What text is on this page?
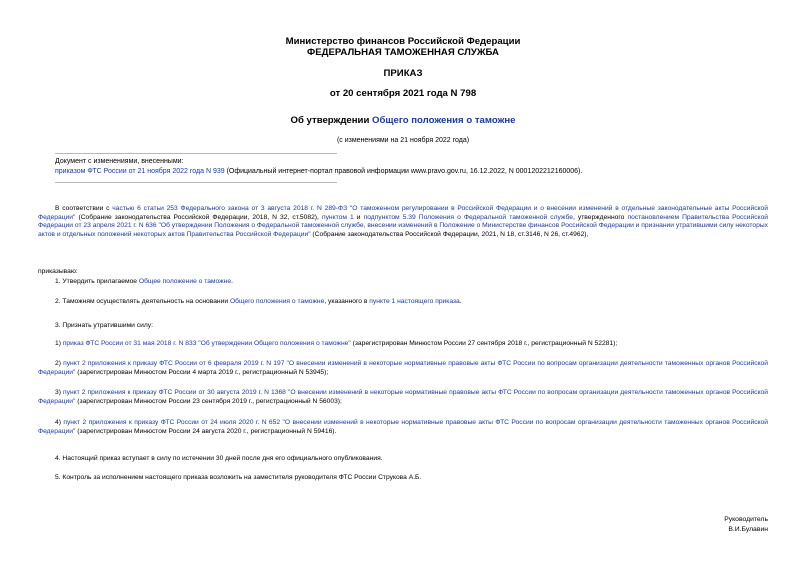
Министерство финансов Российской Федерации

ФЕДЕРАЛЬНАЯ ТАМОЖЕННАЯ СЛУЖБА

ПРИКАЗ

от 20 сентября 2021 года N 798

Об утверждении Общего положения о таможне

(с изменениями на 21 ноября 2022 года)
Документ с изменениями, внесенными:
приказом ФТС России от 21 ноября 2022 года N 939 (Официальный интернет-портал правовой информации www.pravo.gov.ru, 16.12.2022, N 0001202212160006).
В соответствии с частью 6 статьи 253 Федерального закона от 3 августа 2018 г. N 289-ФЗ "О таможенном регулировании в Российской Федерации и о внесении изменений в отдельные законодательные акты Российской Федерации" (Собрание законодательства Российской Федерации, 2018, N 32, ст.5082), пунктом 1 и подпунктом 5.39 Положения о Федеральной таможенной службе, утвержденного постановлением Правительства Российской Федерации от 23 апреля 2021 г. N 636 "Об утверждении Положения о Федеральной таможенной службе, внесении изменений в Положение о Министерстве финансов Российской Федерации и признании утратившими силу некоторых актов и отдельных положений некоторых актов Правительства Российской Федерации" (Собрание законодательства Российской Федерации, 2021, N 18, ст.3146, N 26, ст.4962),
приказываю:
1. Утвердить прилагаемое Общее положение о таможне.
2. Таможням осуществлять деятельность на основании Общего положения о таможне, указанного в пункте 1 настоящего приказа.
3. Признать утратившими силу:
1) приказ ФТС России от 31 мая 2018 г. N 833 "Об утверждении Общего положения о таможне" (зарегистрирован Минюстом России 27 сентября 2018 г., регистрационный N 52281);
2) пункт 2 приложения к приказу ФТС России от 6 февраля 2019 г. N 197 "О внесении изменений в некоторые нормативные правовые акты ФТС России по вопросам организации деятельности таможенных органов Российской Федерации" (зарегистрирован Минюстом России 4 марта 2019 г., регистрационный N 53945);
3) пункт 2 приложения к приказу ФТС России от 30 августа 2019 г. N 1368 "О внесении изменений в некоторые нормативные правовые акты ФТС России по вопросам организации деятельности таможенных органов Российской Федерации" (зарегистрирован Минюстом России 23 сентября 2019 г., регистрационный N 56003);
4) пункт 2 приложения к приказу ФТС России от 24 июля 2020 г. N 652 "О внесении изменений в некоторые нормативные правовые акты ФТС России по вопросам организации деятельности таможенных органов Российской Федерации" (зарегистрирован Минюстом России 24 августа 2020 г., регистрационный N 59416).
4. Настоящий приказ вступает в силу по истечении 30 дней после дня его официального опубликования.
5. Контроль за исполнением настоящего приказа возложить на заместителя руководителя ФТС России Струкова А.Б.
Руководитель
В.И.Булавин
